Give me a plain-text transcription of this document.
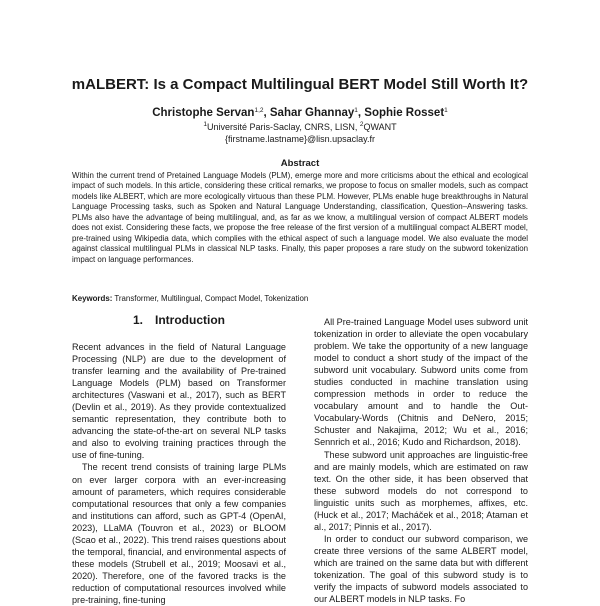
mALBERT: Is a Compact Multilingual BERT Model Still Worth It?
Christophe Servan$^{1,2}$, Sahar Ghannay$^1$, Sophie Rosset$^1$
$^1$Université Paris-Saclay, CNRS, LISN, $^2$QWANT
{firstname.lastname}@lisn.upsaclay.fr
Abstract

Within the current trend of Pretained Language Models (PLM), emerge more and more criticisms about the ethical and ecological impact of such models. In this article, considering these critical remarks, we propose to focus on smaller models, such as compact models like ALBERT, which are more ecologically virtuous than these PLM. However, PLMs enable huge breakthroughs in Natural Language Processing tasks, such as Spoken and Natural Language Understanding, classification, Question–Answering tasks. PLMs also have the advantage of being multilingual, and, as far as we know, a multilingual version of compact ALBERT models does not exist. Considering these facts, we propose the free release of the first version of a multilingual compact ALBERT model, pre-trained using Wikipedia data, which complies with the ethical aspect of such a language model. We also evaluate the model against classical multilingual PLMs in classical NLP tasks. Finally, this paper proposes a rare study on the subword tokenization impact on language performances.

Keywords: Transformer, Multilingual, Compact Model, Tokenization

1. Introduction

Recent advances in the field of Natural Language Processing (NLP) are due to the development of transfer learning and the availability of Pre-trained Language Models (PLM) based on Transformer architectures (Vaswani et al., 2017), such as BERT (Devlin et al., 2019). As they provide contextualized semantic representation, they contribute both to advancing the state-of-the-art on several NLP tasks and also to evolving training practices through the use of fine-tuning.

The recent trend consists of training large PLMs on ever larger corpora with an ever-increasing amount of parameters, which requires considerable computational resources that only a few companies and institutions can afford, such as GPT-4 (OpenAI, 2023), LLaMA (Touvron et al., 2023) or BLOOM (Scao et al., 2022). This trend raises questions about the temporal, financial, and environmental aspects of these models (Strubell et al., 2019; Moosavi et al., 2020). Therefore, one of the favored tracks is the reduction of computational resources involved while pre-training, fine-tuning

All Pre-trained Language Model uses subword unit tokenization in order to alleviate the open vocabulary problem. We take the opportunity of a new language model to conduct a short study of the impact of the subword unit vocabulary. Subword units come from studies conducted in machine translation using compression methods in order to reduce the vocabulary amount and to handle the Out-Vocabulary-Words (Chitnis and DeNero, 2015; Schuster and Nakajima, 2012; Wu et al., 2016; Sennrich et al., 2016; Kudo and Richardson, 2018).

These subword unit approaches are linguistic-free and are mainly models, which are estimated on raw text. On the other side, it has been observed that these subword models do not correspond to linguistic units such as morphemes, affixes, etc. (Huck et al., 2017; Macháček et al., 2018; Ataman et al., 2017; Pinnis et al., 2017).

In order to conduct our subword comparison, we create three versions of the same ALBERT model, which are trained on the same data but with different tokenization. The goal of this subword study is to verify the impacts of subword models associated to our ALBERT models in NLP tasks. Fo
